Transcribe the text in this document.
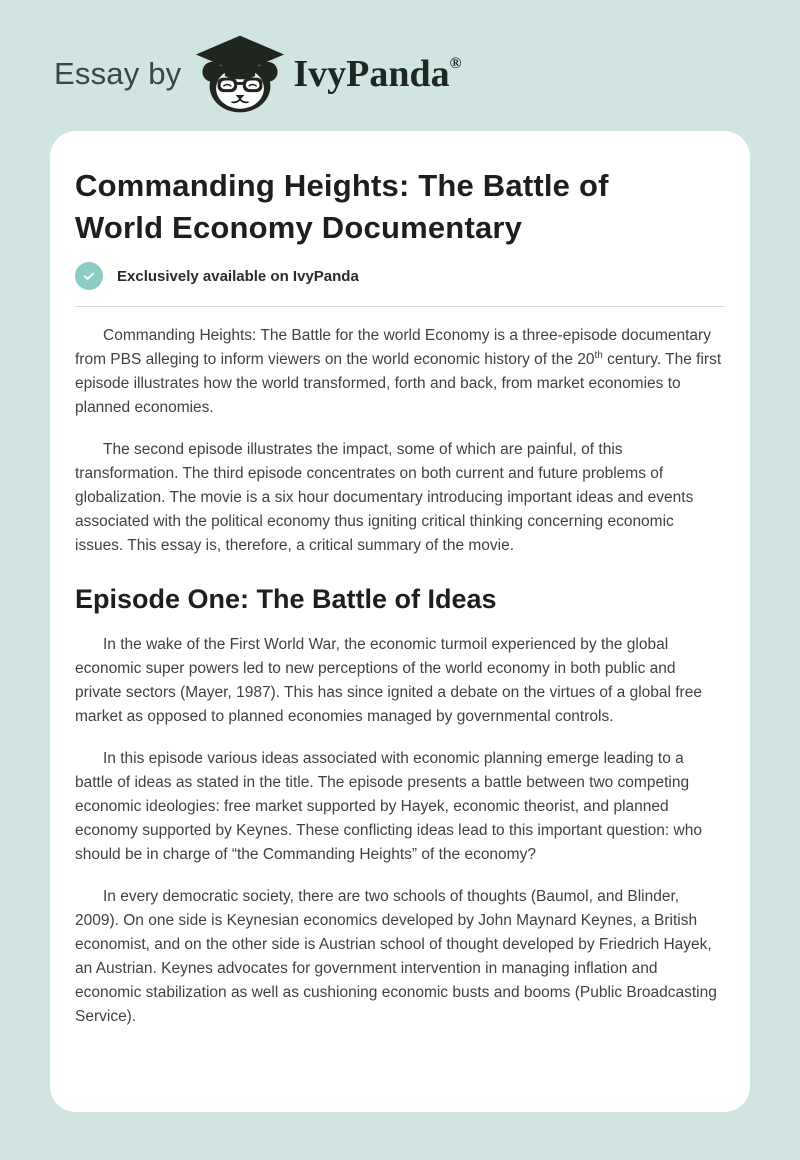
Essay by	IvyPanda ®
Commanding Heights: The Battle of World Economy Documentary
Exclusively available on IvyPanda

Commanding Heights: The Battle for the world Economy is a three-episode documentary from PBS alleging to inform viewers on the world economic history of the 20th century. The first episode illustrates how the world transformed, forth and back, from market economies to planned economies.

The second episode illustrates the impact, some of which are painful, of this transformation. The third episode concentrates on both current and future problems of globalization. The movie is a six hour documentary introducing important ideas and events associated with the political economy thus igniting critical thinking concerning economic issues. This essay is, therefore, a critical summary of the movie.

Episode One: The Battle of Ideas

In the wake of the First World War, the economic turmoil experienced by the global economic super powers led to new perceptions of the world economy in both public and private sectors (Mayer, 1987). This has since ignited a debate on the virtues of a global free market as opposed to planned economies managed by governmental controls.

In this episode various ideas associated with economic planning emerge leading to a battle of ideas as stated in the title. The episode presents a battle between two competing economic ideologies: free market supported by Hayek, economic theorist, and planned economy supported by Keynes. These conflicting ideas lead to this important question: who should be in charge of “the Commanding Heights” of the economy?

In every democratic society, there are two schools of thoughts (Baumol, and Blinder, 2009). On one side is Keynesian economics developed by John Maynard Keynes, a British economist, and on the other side is Austrian school of thought developed by Friedrich Hayek, an Austrian. Keynes advocates for government intervention in managing inflation and economic stabilization as well as cushioning economic busts and booms (Public Broadcasting Service).
